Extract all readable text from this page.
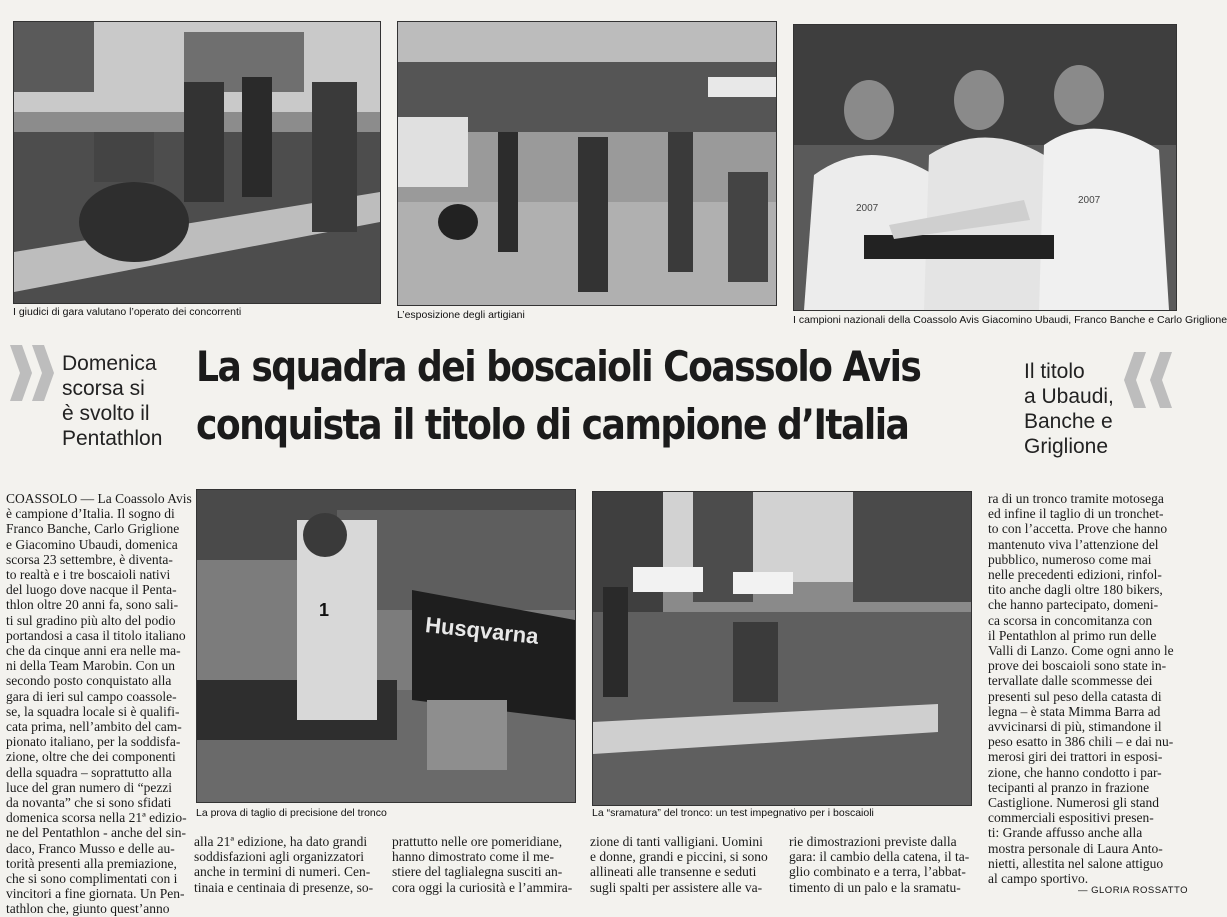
I giudici di gara valutano l’operato dei concorrenti	L’esposizione degli artigiani
2007
2007
I campioni nazionali della Coassolo Avis Giacomino Ubaudi, Franco Banche e Carlo Griglione
Domenica
scorsa si
è svolto il
Pentathlon
La squadra dei boscaioli Coassolo Avis
conquista il titolo di campione d’Italia
Il titolo
a Ubaudi,
Banche e
Griglione
Husqvarna
1
La prova di taglio di precisione del tronco	La “sramatura” del tronco: un test impegnativo per i boscaioli
COASSOLO — La Coassolo Avis
è campione d’Italia. Il sogno di
Franco Banche, Carlo Griglione
e Giacomino Ubaudi, domenica
scorsa 23 settembre, è diventa-
to realtà e i tre boscaioli nativi
del luogo dove nacque il Penta-
thlon oltre 20 anni fa, sono sali-
ti sul gradino più alto del podio
portandosi a casa il titolo italiano
che da cinque anni era nelle ma-
ni della Team Marobin. Con un
secondo posto conquistato alla
gara di ieri sul campo coassole-
se, la squadra locale si è qualifi-
cata prima, nell’ambito del cam-
pionato italiano, per la soddisfa-
zione, oltre che dei componenti
della squadra – soprattutto alla
luce del gran numero di “pezzi
da novanta” che si sono sfidati
domenica scorsa nella 21ª edizio-
ne del Pentathlon - anche del sin-
daco, Franco Musso e delle au-
torità presenti alla premiazione,
che si sono complimentati con i
vincitori a fine giornata. Un Pen-
tathlon che, giunto quest’anno
alla 21ª edizione, ha dato grandi
soddisfazioni agli organizzatori
anche in termini di numeri. Cen-
tinaia e centinaia di presenze, so-
prattutto nelle ore pomeridiane,
hanno dimostrato come il me-
stiere del taglialegna susciti an-
cora oggi la curiosità e l’ammira-
zione di tanti valligiani. Uomini
e donne, grandi e piccini, si sono
allineati alle transenne e seduti
sugli spalti per assistere alle va-
rie dimostrazioni previste dalla
gara: il cambio della catena, il ta-
glio combinato e a terra, l’abbat-
timento di un palo e la sramatu-
ra di un tronco tramite motosega
ed infine il taglio di un tronchet-
to con l’accetta. Prove che hanno
mantenuto viva l’attenzione del
pubblico, numeroso come mai
nelle precedenti edizioni, rinfol-
tito anche dagli oltre 180 bikers,
che hanno partecipato, domeni-
ca scorsa in concomitanza con
il Pentathlon al primo run delle
Valli di Lanzo. Come ogni anno le
prove dei boscaioli sono state in-
tervallate dalle scommesse dei
presenti sul peso della catasta di
legna – è stata Mimma Barra ad
avvicinarsi di più, stimandone il
peso esatto in 386 chili – e dai nu-
merosi giri dei trattori in esposi-
zione, che hanno condotto i par-
tecipanti al pranzo in frazione
Castiglione. Numerosi gli stand
commerciali espositivi presen-
ti: Grande affusso anche alla
mostra personale di Laura Anto-
nietti, allestita nel salone attiguo
al campo sportivo.
— GLORIA ROSSATTO
